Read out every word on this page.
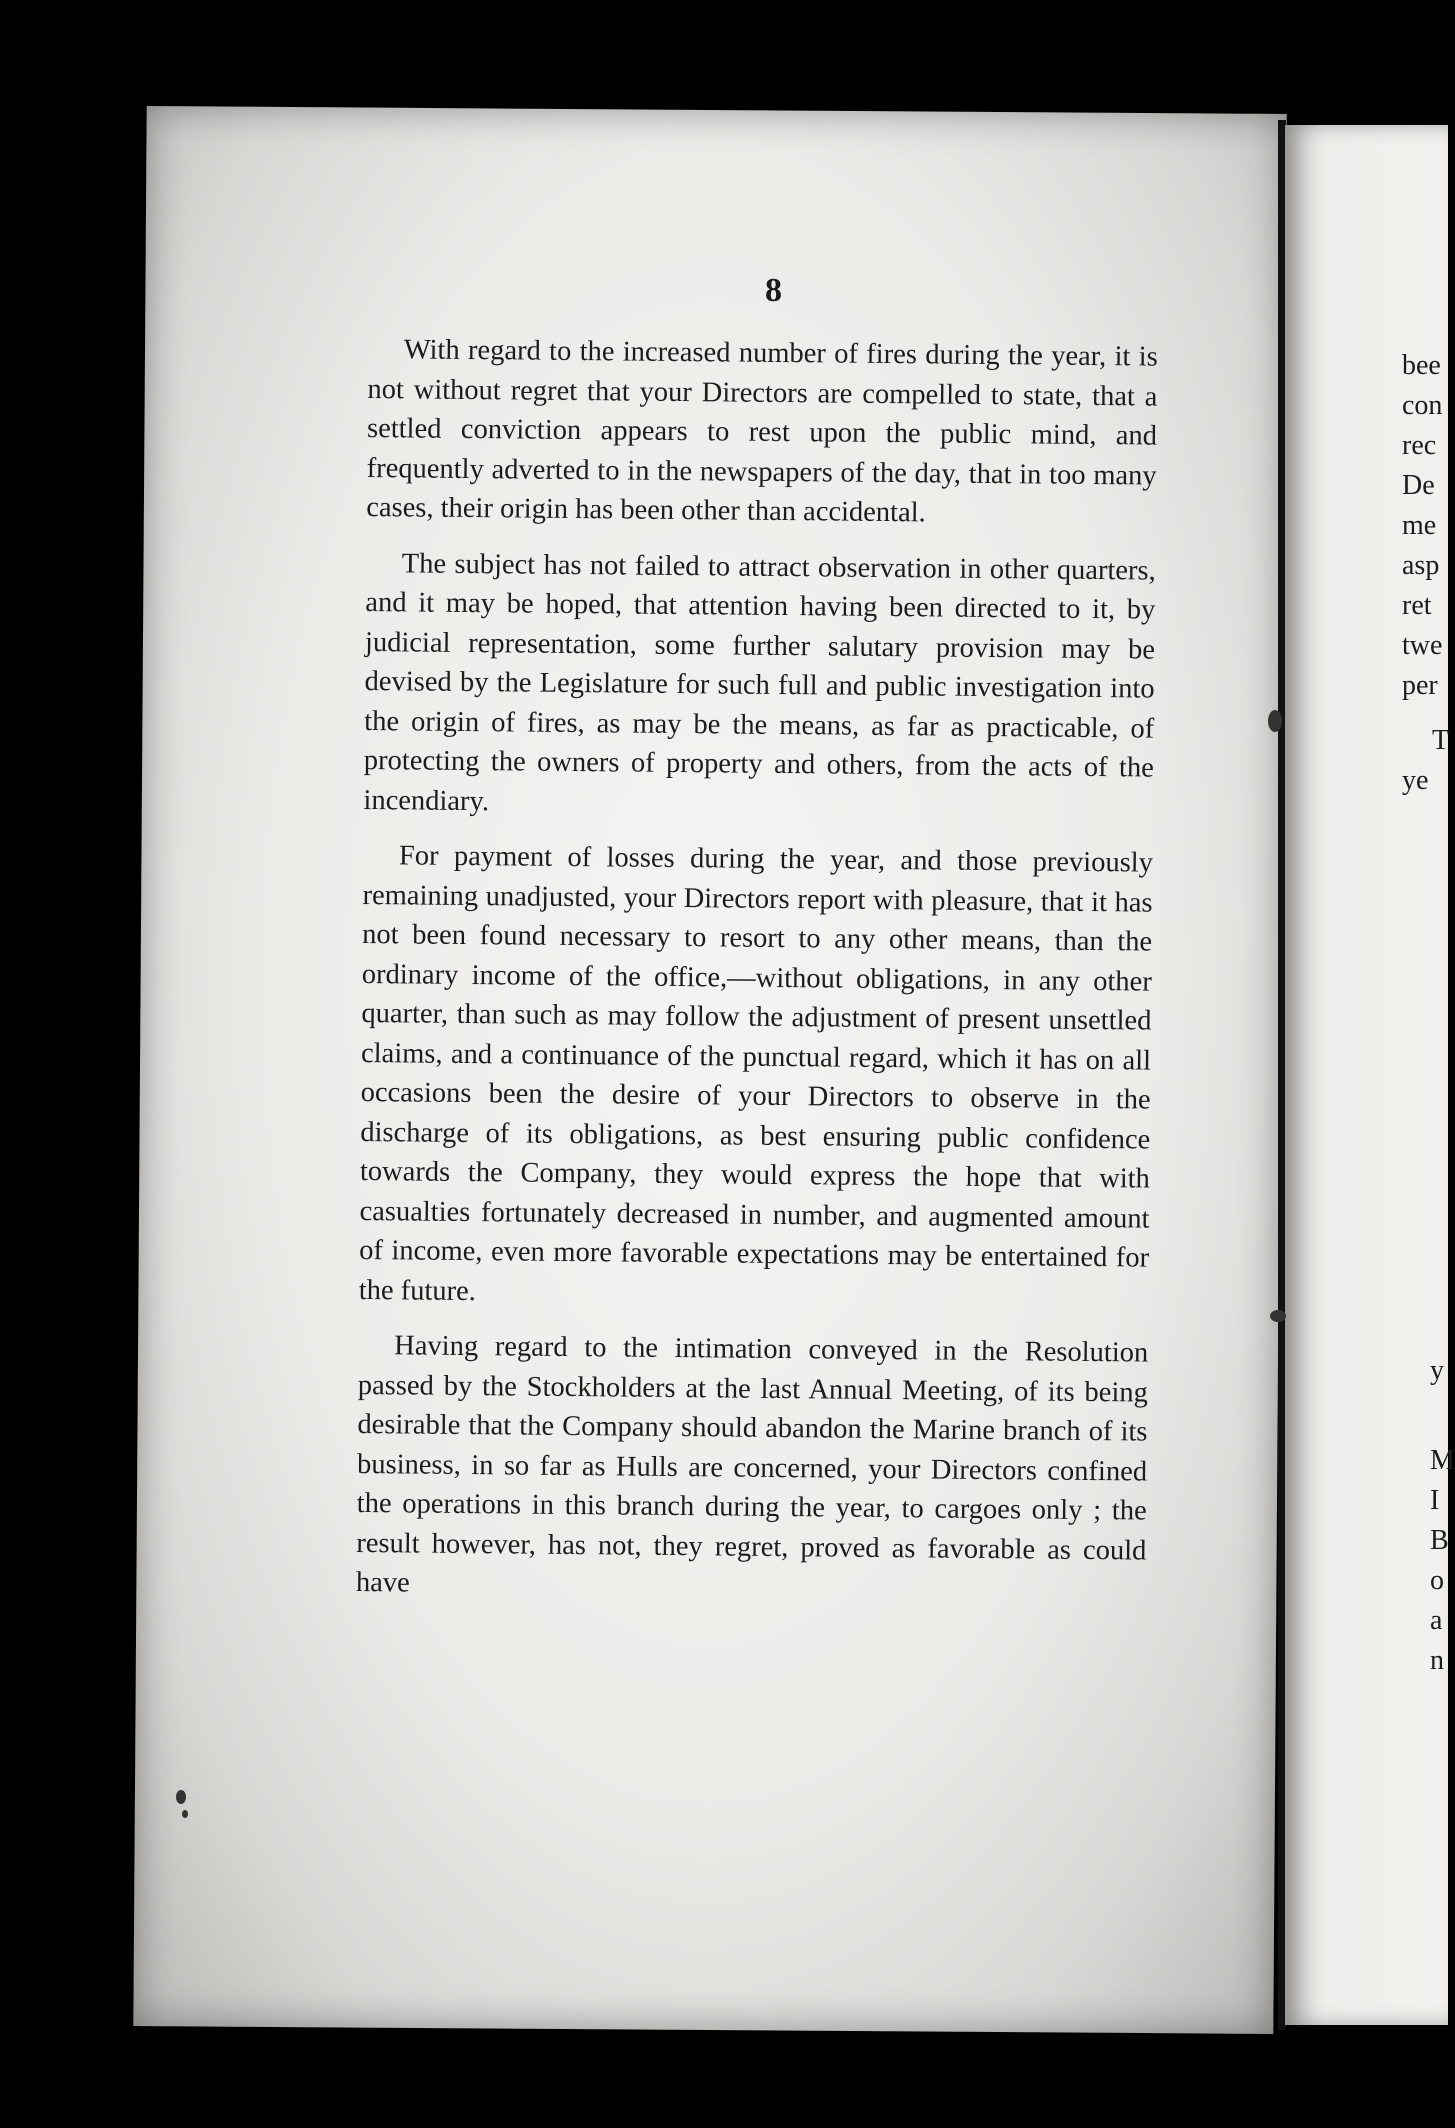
8

With regard to the increased number of fires during the year, it is not without regret that your Directors are compelled to state, that a settled conviction appears to rest upon the public mind, and frequently adverted to in the newspapers of the day, that in too many cases, their origin has been other than accidental.

The subject has not failed to attract observation in other quarters, and it may be hoped, that attention having been directed to it, by judicial representation, some further salutary provision may be devised by the Legislature for such full and public investigation into the origin of fires, as may be the means, as far as practicable, of protecting the owners of property and others, from the acts of the incendiary.

For payment of losses during the year, and those previously remaining unadjusted, your Directors report with pleasure, that it has not been found necessary to resort to any other means, than the ordinary income of the office,—without obligations, in any other quarter, than such as may follow the adjustment of present unsettled claims, and a continuance of the punctual regard, which it has on all occasions been the desire of your Directors to observe in the discharge of its obligations, as best ensuring public confidence towards the Company, they would express the hope that with casualties fortunately decreased in number, and augmented amount of income, even more favorable expectations may be entertained for the future.

Having regard to the intimation conveyed in the Resolution passed by the Stockholders at the last Annual Meeting, of its being desirable that the Company should abandon the Marine branch of its business, in so far as Hulls are concerned, your Directors confined the operations in this branch during the year, to cargoes only ; the result however, has not, they regret, proved as favorable as could have

bee
con
rec
De
me
asp
ret
twe
per
T
ye
y
M
I
B
o
a
n
